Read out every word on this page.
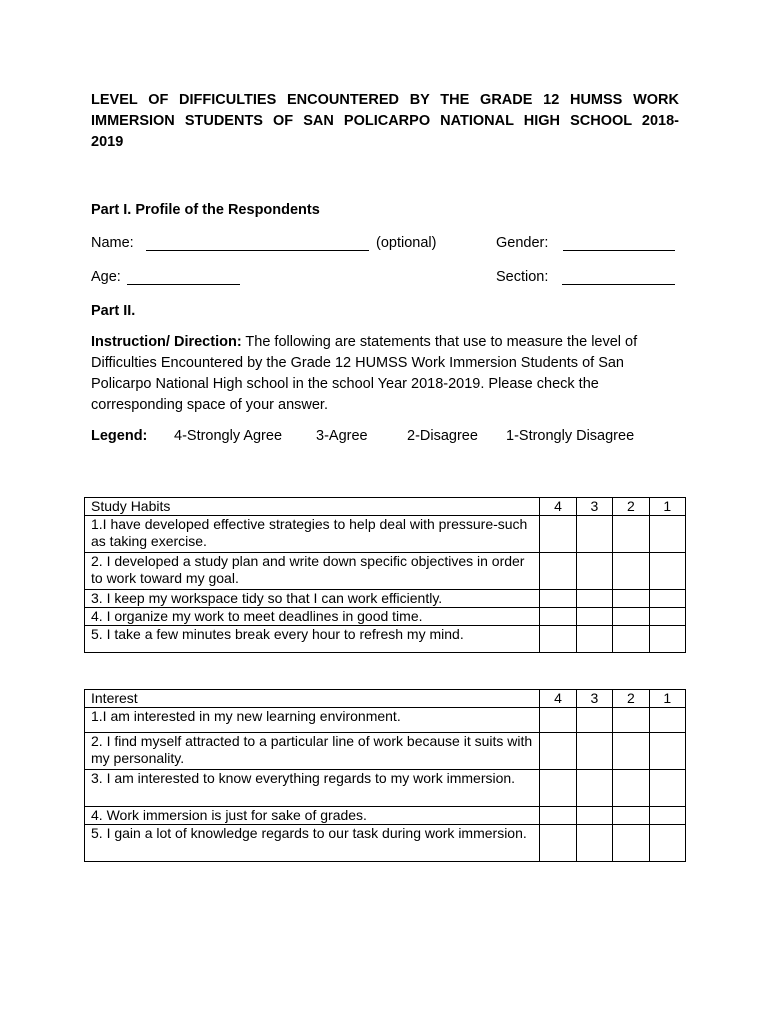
LEVEL OF DIFFICULTIES ENCOUNTERED BY THE GRADE 12 HUMSS WORK
IMMERSION STUDENTS OF SAN POLICARPO NATIONAL HIGH SCHOOL 2018-
2019

Part I. Profile of the Respondents

Name:	(optional)	Gender:
Age:	Section:

Part II.

Instruction/ Direction: The following are statements that use to measure the level of Difficulties Encountered by the Grade 12 HUMSS Work Immersion Students of San Policarpo National High school in the school Year 2018-2019. Please check the corresponding space of your answer.

Legend: 4-Strongly Agree 3-Agree	2-Disagree 1-Strongly Disagree
Study Habits	4	3	2	1
1.I have developed effective strategies to help deal with pressure-such as taking exercise.				
2. I developed a study plan and write down specific objectives in order to work toward my goal.				
3. I keep my workspace tidy so that I can work efficiently.				
4. I organize my work to meet deadlines in good time.				
5. I take a few minutes break every hour to refresh my mind.				
Interest	4	3	2	1
1.I am interested in my new learning environment.				
2. I find myself attracted to a particular line of work because it suits with my personality.				
3. I am interested to know everything regards to my work immersion.				
4. Work immersion is just for sake of grades.				
5. I gain a lot of knowledge regards to our task during work immersion.				
